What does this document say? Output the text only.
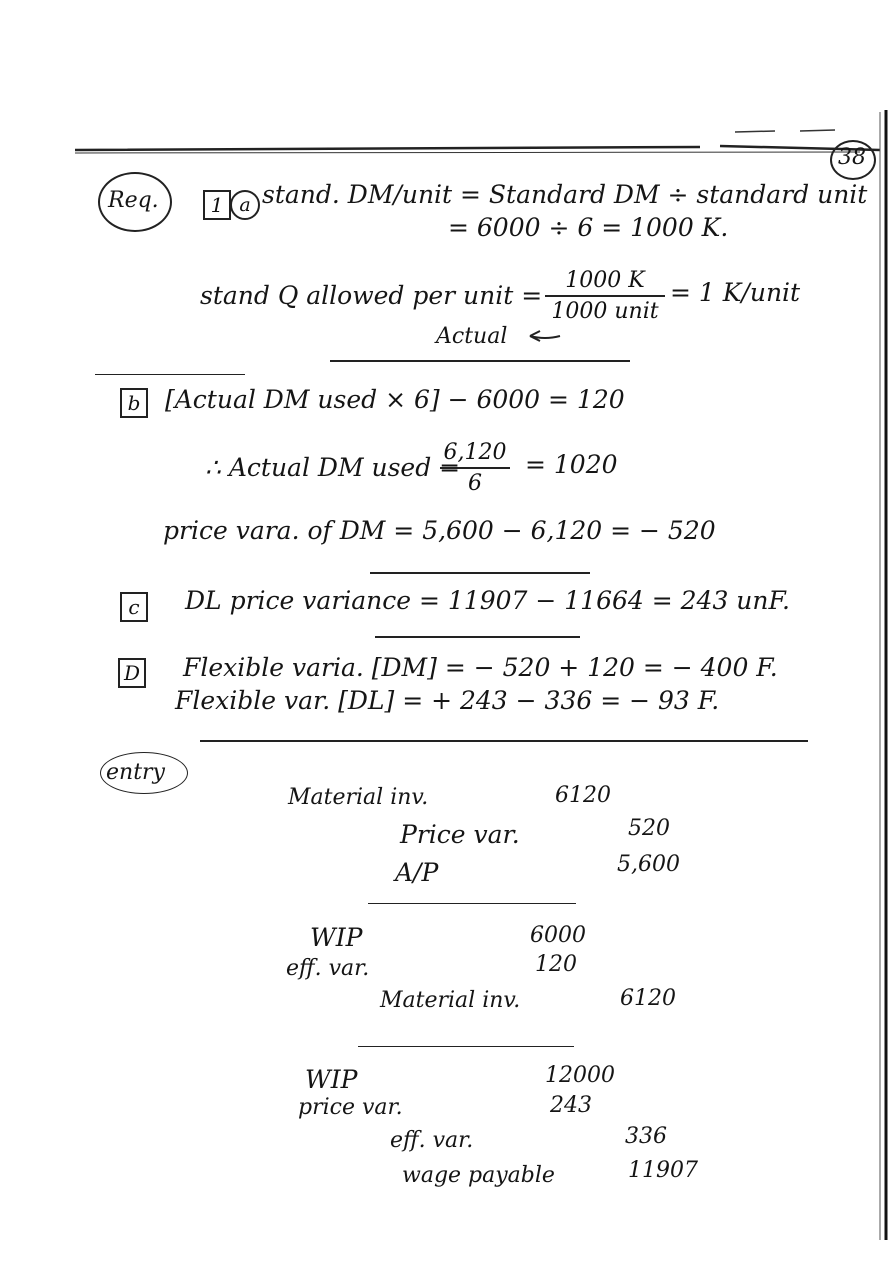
38
Req.	1 a stand. DM/unit = Standard DM ÷ standard unit
= 6000 ÷ 6 = 1000 K.
stand Q allowed per unit =
1000 K
1000 unit
= 1 K/unit
Actual
b [Actual DM used × 6] − 6000 = 120
∴ Actual DM used =
6,120
6
= 1020
price vara. of DM = 5,600 − 6,120 = − 520
c	DL price variance = 11907 − 11664 = 243 unF.
D Flexible varia. [DM] = − 520 + 120 = − 400 F.
Flexible var. [DL] = + 243 − 336 = − 93 F.
entry
Material inv.	6120
Price var.	520
A/P	5,600
WIP	6000
eff. var.	120
Material inv.	6120
WIP	12000
price var.	243
eff. var.	336
wage payable	11907
